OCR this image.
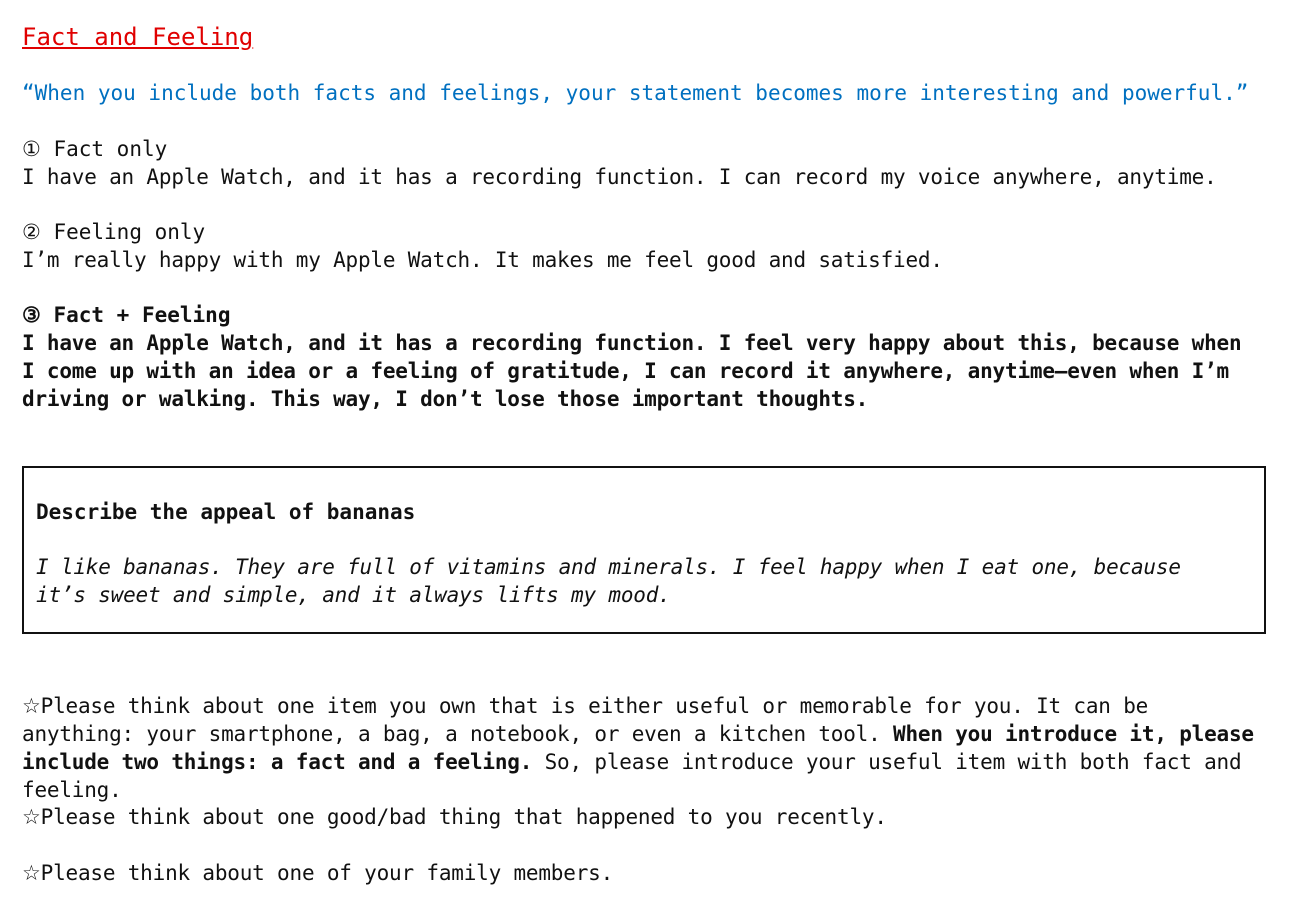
Fact and Feeling

“When you include both facts and feelings, your statement becomes more interesting and powerful.”

① Fact only
I have an Apple Watch, and it has a recording function. I can record my voice anywhere, anytime.
② Feeling only
I’m really happy with my Apple Watch. It makes me feel good and satisfied.
③ Fact + Feeling
I have an Apple Watch, and it has a recording function. I feel very happy about this, because when I come up with an idea or a feeling of gratitude, I can record it anywhere, anytime—even when I’m driving or walking. This way, I don’t lose those important thoughts.
Describe the appeal of bananas
I like bananas. They are full of vitamins and minerals. I feel happy when I eat one, because it’s sweet and simple, and it always lifts my mood.

☆Please think about one item you own that is either useful or memorable for you. It can be anything: your smartphone, a bag, a notebook, or even a kitchen tool. When you introduce it, please include two things: a fact and a feeling. So, please introduce your useful item with both fact and feeling.

☆Please think about one good/bad thing that happened to you recently.

☆Please think about one of your family members.
